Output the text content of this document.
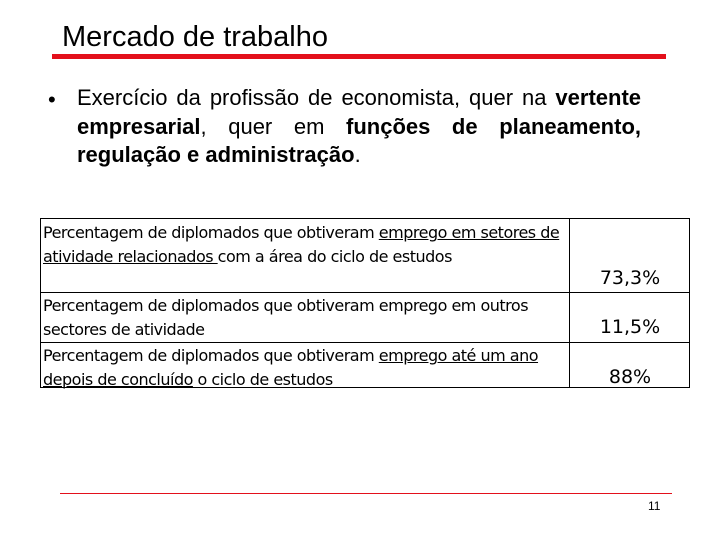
Mercado de trabalho
• Exercício da profissão de economista, quer na vertente empresarial, quer em funções de planeamento, regulação e administração.
Percentagem de diplomados que obtiveram emprego em setores de atividade relacionados com a área do ciclo de estudos
73,3%
Percentagem de diplomados que obtiveram emprego em outros sectores de atividade	11,5%
Percentagem de diplomados que obtiveram emprego até um ano depois de concluído o ciclo de estudos	88%
11
